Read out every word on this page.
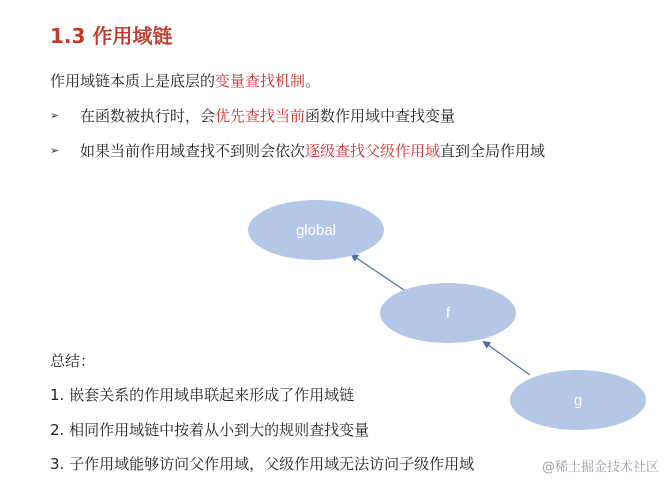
global
f
g
1.3 作用域链
作用域链本质上是底层的变量查找机制。
➢ 在函数被执行时，会优先查找当前函数作用域中查找变量
➢ 如果当前作用域查找不到则会依次逐级查找父级作用域直到全局作用域
总结：
1. 嵌套关系的作用域串联起来形成了作用域链
2. 相同作用域链中按着从小到大的规则查找变量
3. 子作用域能够访问父作用域，父级作用域无法访问子级作用域	@稀土掘金技术社区
